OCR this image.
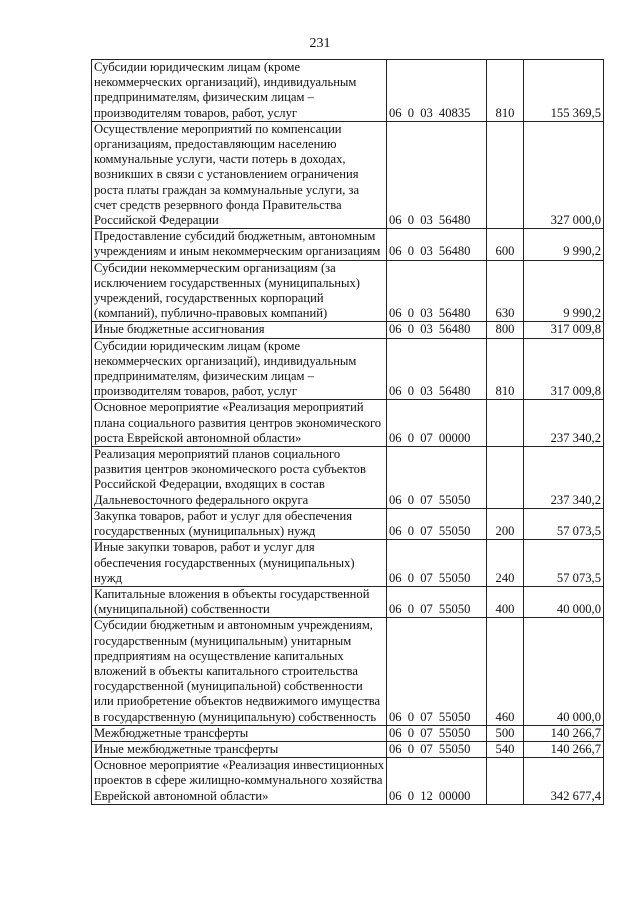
231
Субсидии юридическим лицам (кроме некоммерческих организаций), индивидуальным предпринимателям, физическим лицам – производителям товаров, работ, услуг	06 0 03 40835	810	155 369,5
Осуществление мероприятий по компенсации организациям, предоставляющим населению коммунальные услуги, части потерь в доходах, возникших в связи с установлением ограничения роста платы граждан за коммунальные услуги, за счет средств резервного фонда Правительства Российской Федерации	06 0 03 56480		327 000,0
Предоставление субсидий бюджетным, автономным учреждениям и иным некоммерческим организациям	06 0 03 56480	600	9 990,2
Субсидии некоммерческим организациям (за исключением государственных (муниципальных) учреждений, государственных корпораций (компаний), публично-правовых компаний)	06 0 03 56480	630	9 990,2
Иные бюджетные ассигнования	06 0 03 56480	800	317 009,8
Субсидии юридическим лицам (кроме некоммерческих организаций), индивидуальным предпринимателям, физическим лицам – производителям товаров, работ, услуг	06 0 03 56480	810	317 009,8
Основное мероприятие «Реализация мероприятий плана социального развития центров экономического роста Еврейской автономной области»	06 0 07 00000		237 340,2
Реализация мероприятий планов социального развития центров экономического роста субъектов Российской Федерации, входящих в состав Дальневосточного федерального округа	06 0 07 55050		237 340,2
Закупка товаров, работ и услуг для обеспечения государственных (муниципальных) нужд	06 0 07 55050	200	57 073,5
Иные закупки товаров, работ и услуг для обеспечения государственных (муниципальных) нужд	06 0 07 55050	240	57 073,5
Капитальные вложения в объекты государственной (муниципальной) собственности	06 0 07 55050	400	40 000,0
Субсидии бюджетным и автономным учреждениям, государственным (муниципальным) унитарным предприятиям на осуществление капитальных вложений в объекты капитального строительства государственной (муниципальной) собственности или приобретение объектов недвижимого имущества в государственную (муниципальную) собственность	06 0 07 55050	460	40 000,0
Межбюджетные трансферты	06 0 07 55050	500	140 266,7
Иные межбюджетные трансферты	06 0 07 55050	540	140 266,7
Основное мероприятие «Реализация инвестиционных проектов в сфере жилищно-коммунального хозяйства Еврейской автономной области»	06 0 12 00000		342 677,4
